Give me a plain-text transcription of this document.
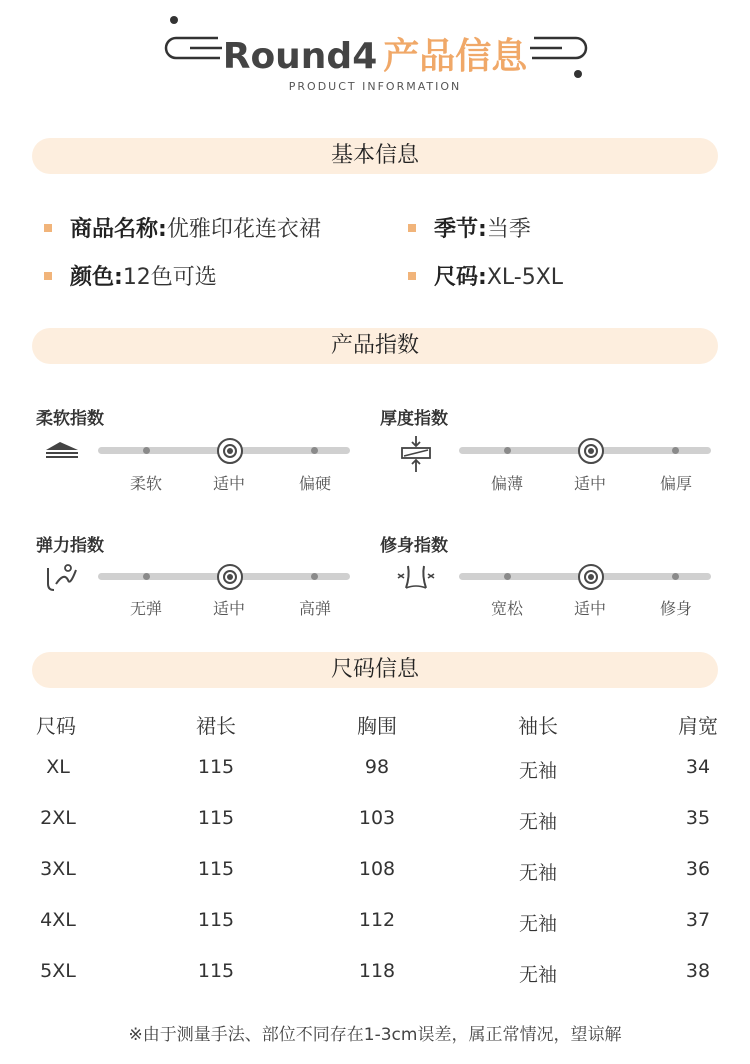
Round4 产品信息
PRODUCT INFORMATION
基本信息
商品名称:优雅印花连衣裙	季节:当季
颜色:12色可选	尺码:XL-5XL
产品指数
柔软指数
柔软	适中	偏硬
厚度指数
偏薄	适中	偏厚
弹力指数
无弹	适中	高弹
修身指数
宽松	适中	修身
尺码信息
尺码	裙长	胸围	袖长	肩宽
XL	115	98	无袖	34
2XL	115	103	无袖	35
3XL	115	108	无袖	36
4XL	115	112	无袖	37
5XL	115	118	无袖	38
※由于测量手法、部位不同存在1-3cm误差，属正常情况，望谅解
